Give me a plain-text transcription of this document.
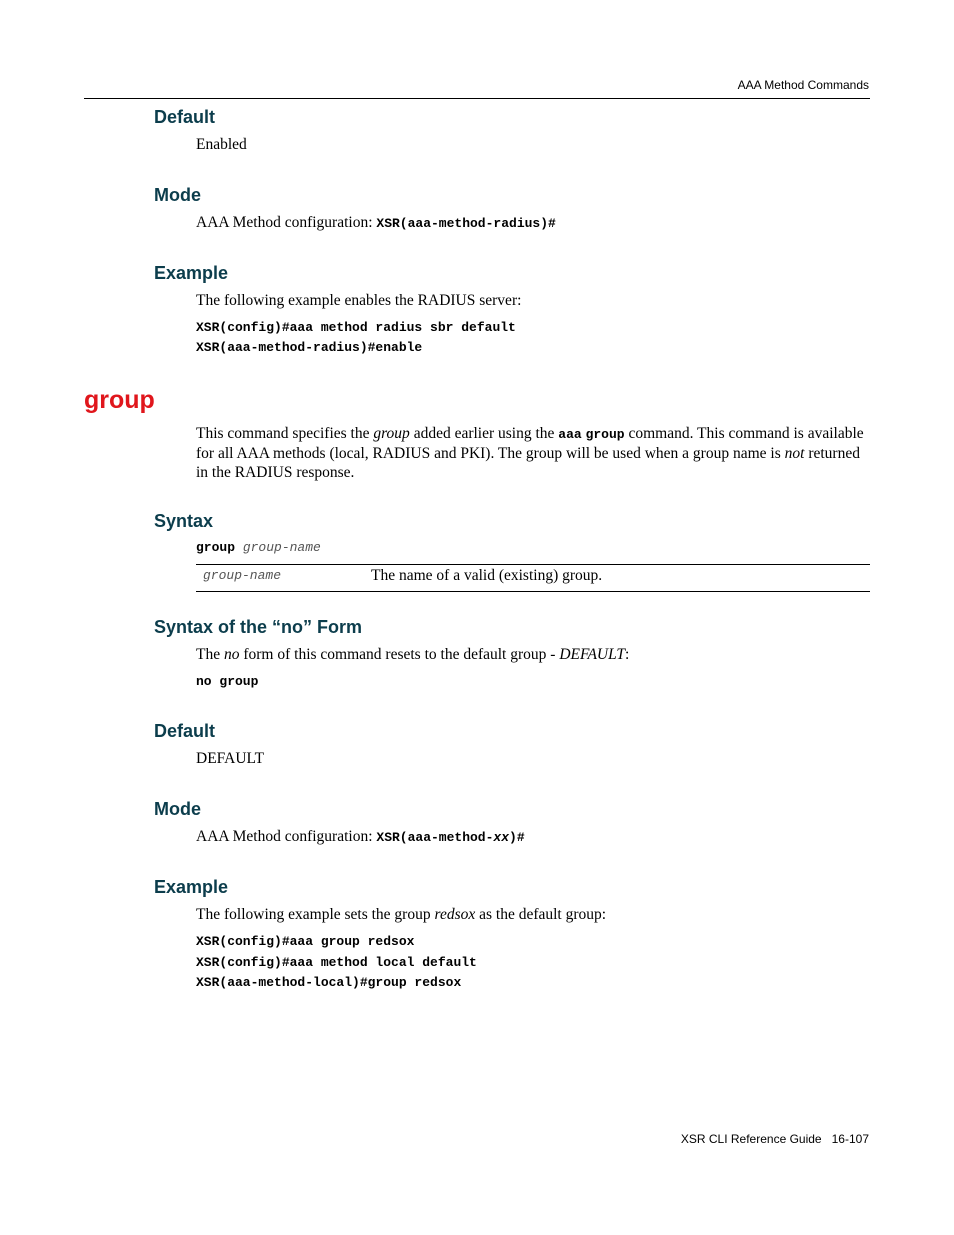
AAA Method Commands
Default

Enabled

Mode

AAA Method configuration: XSR(aaa-method-radius)#

Example

The following example enables the RADIUS server:

XSR(config)#aaa method radius sbr default
XSR(aaa-method-radius)#enable
group

This command specifies the group added earlier using the aaa group command. This command is available for all AAA methods (local, RADIUS and PKI). The group will be used when a group name is not returned in the RADIUS response.

Syntax
group group-name
group-name	The name of a valid (existing) group.
Syntax of the “no” Form

The no form of this command resets to the default group - DEFAULT:

no group
Default

DEFAULT

Mode

AAA Method configuration: XSR(aaa-method-xx)#

Example

The following example sets the group redsox as the default group:

XSR(config)#aaa group redsox
XSR(config)#aaa method local default
XSR(aaa-method-local)#group redsox
XSR CLI Reference Guide 16-107
